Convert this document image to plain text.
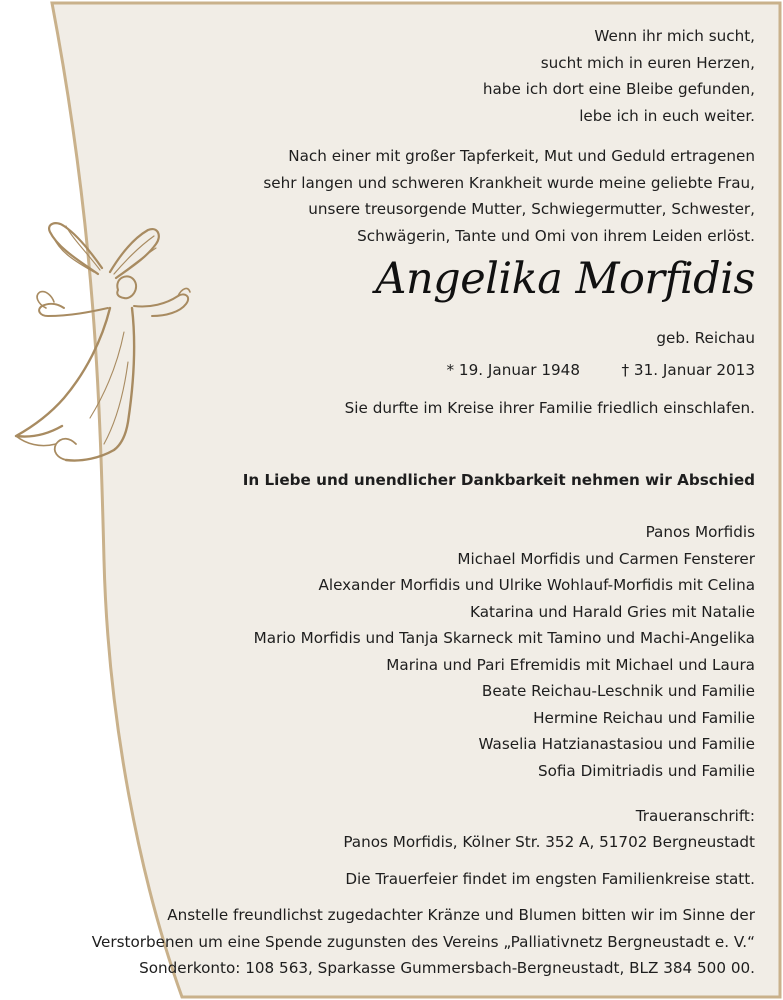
Wenn ihr mich sucht,
sucht mich in euren Herzen,
habe ich dort eine Bleibe gefunden,
lebe ich in euch weiter.
Nach einer mit großer Tapferkeit, Mut und Geduld ertragenen
sehr langen und schweren Krankheit wurde meine geliebte Frau,
unsere treusorgende Mutter, Schwiegermutter, Schwester,
Schwägerin, Tante und Omi von ihrem Leiden erlöst.
Angelika Morfidis
geb. Reichau
* 19. Januar 1948	† 31. Januar 2013
Sie durfte im Kreise ihrer Familie friedlich einschlafen.
In Liebe und unendlicher Dankbarkeit nehmen wir Abschied
Panos Morfidis
Michael Morfidis und Carmen Fensterer
Alexander Morfidis und Ulrike Wohlauf-Morfidis mit Celina
Katarina und Harald Gries mit Natalie
Mario Morfidis und Tanja Skarneck mit Tamino und Machi-Angelika
Marina und Pari Efremidis mit Michael und Laura
Beate Reichau-Leschnik und Familie
Hermine Reichau und Familie
Waselia Hatzianastasiou und Familie
Sofia Dimitriadis und Familie
Traueranschrift:
Panos Morfidis, Kölner Str. 352 A, 51702 Bergneustadt
Die Trauerfeier findet im engsten Familienkreise statt.
Anstelle freundlichst zugedachter Kränze und Blumen bitten wir im Sinne der
Verstorbenen um eine Spende zugunsten des Vereins „Palliativnetz Bergneustadt e. V.“
Sonderkonto: 108 563, Sparkasse Gummersbach-Bergneustadt, BLZ 384 500 00.
